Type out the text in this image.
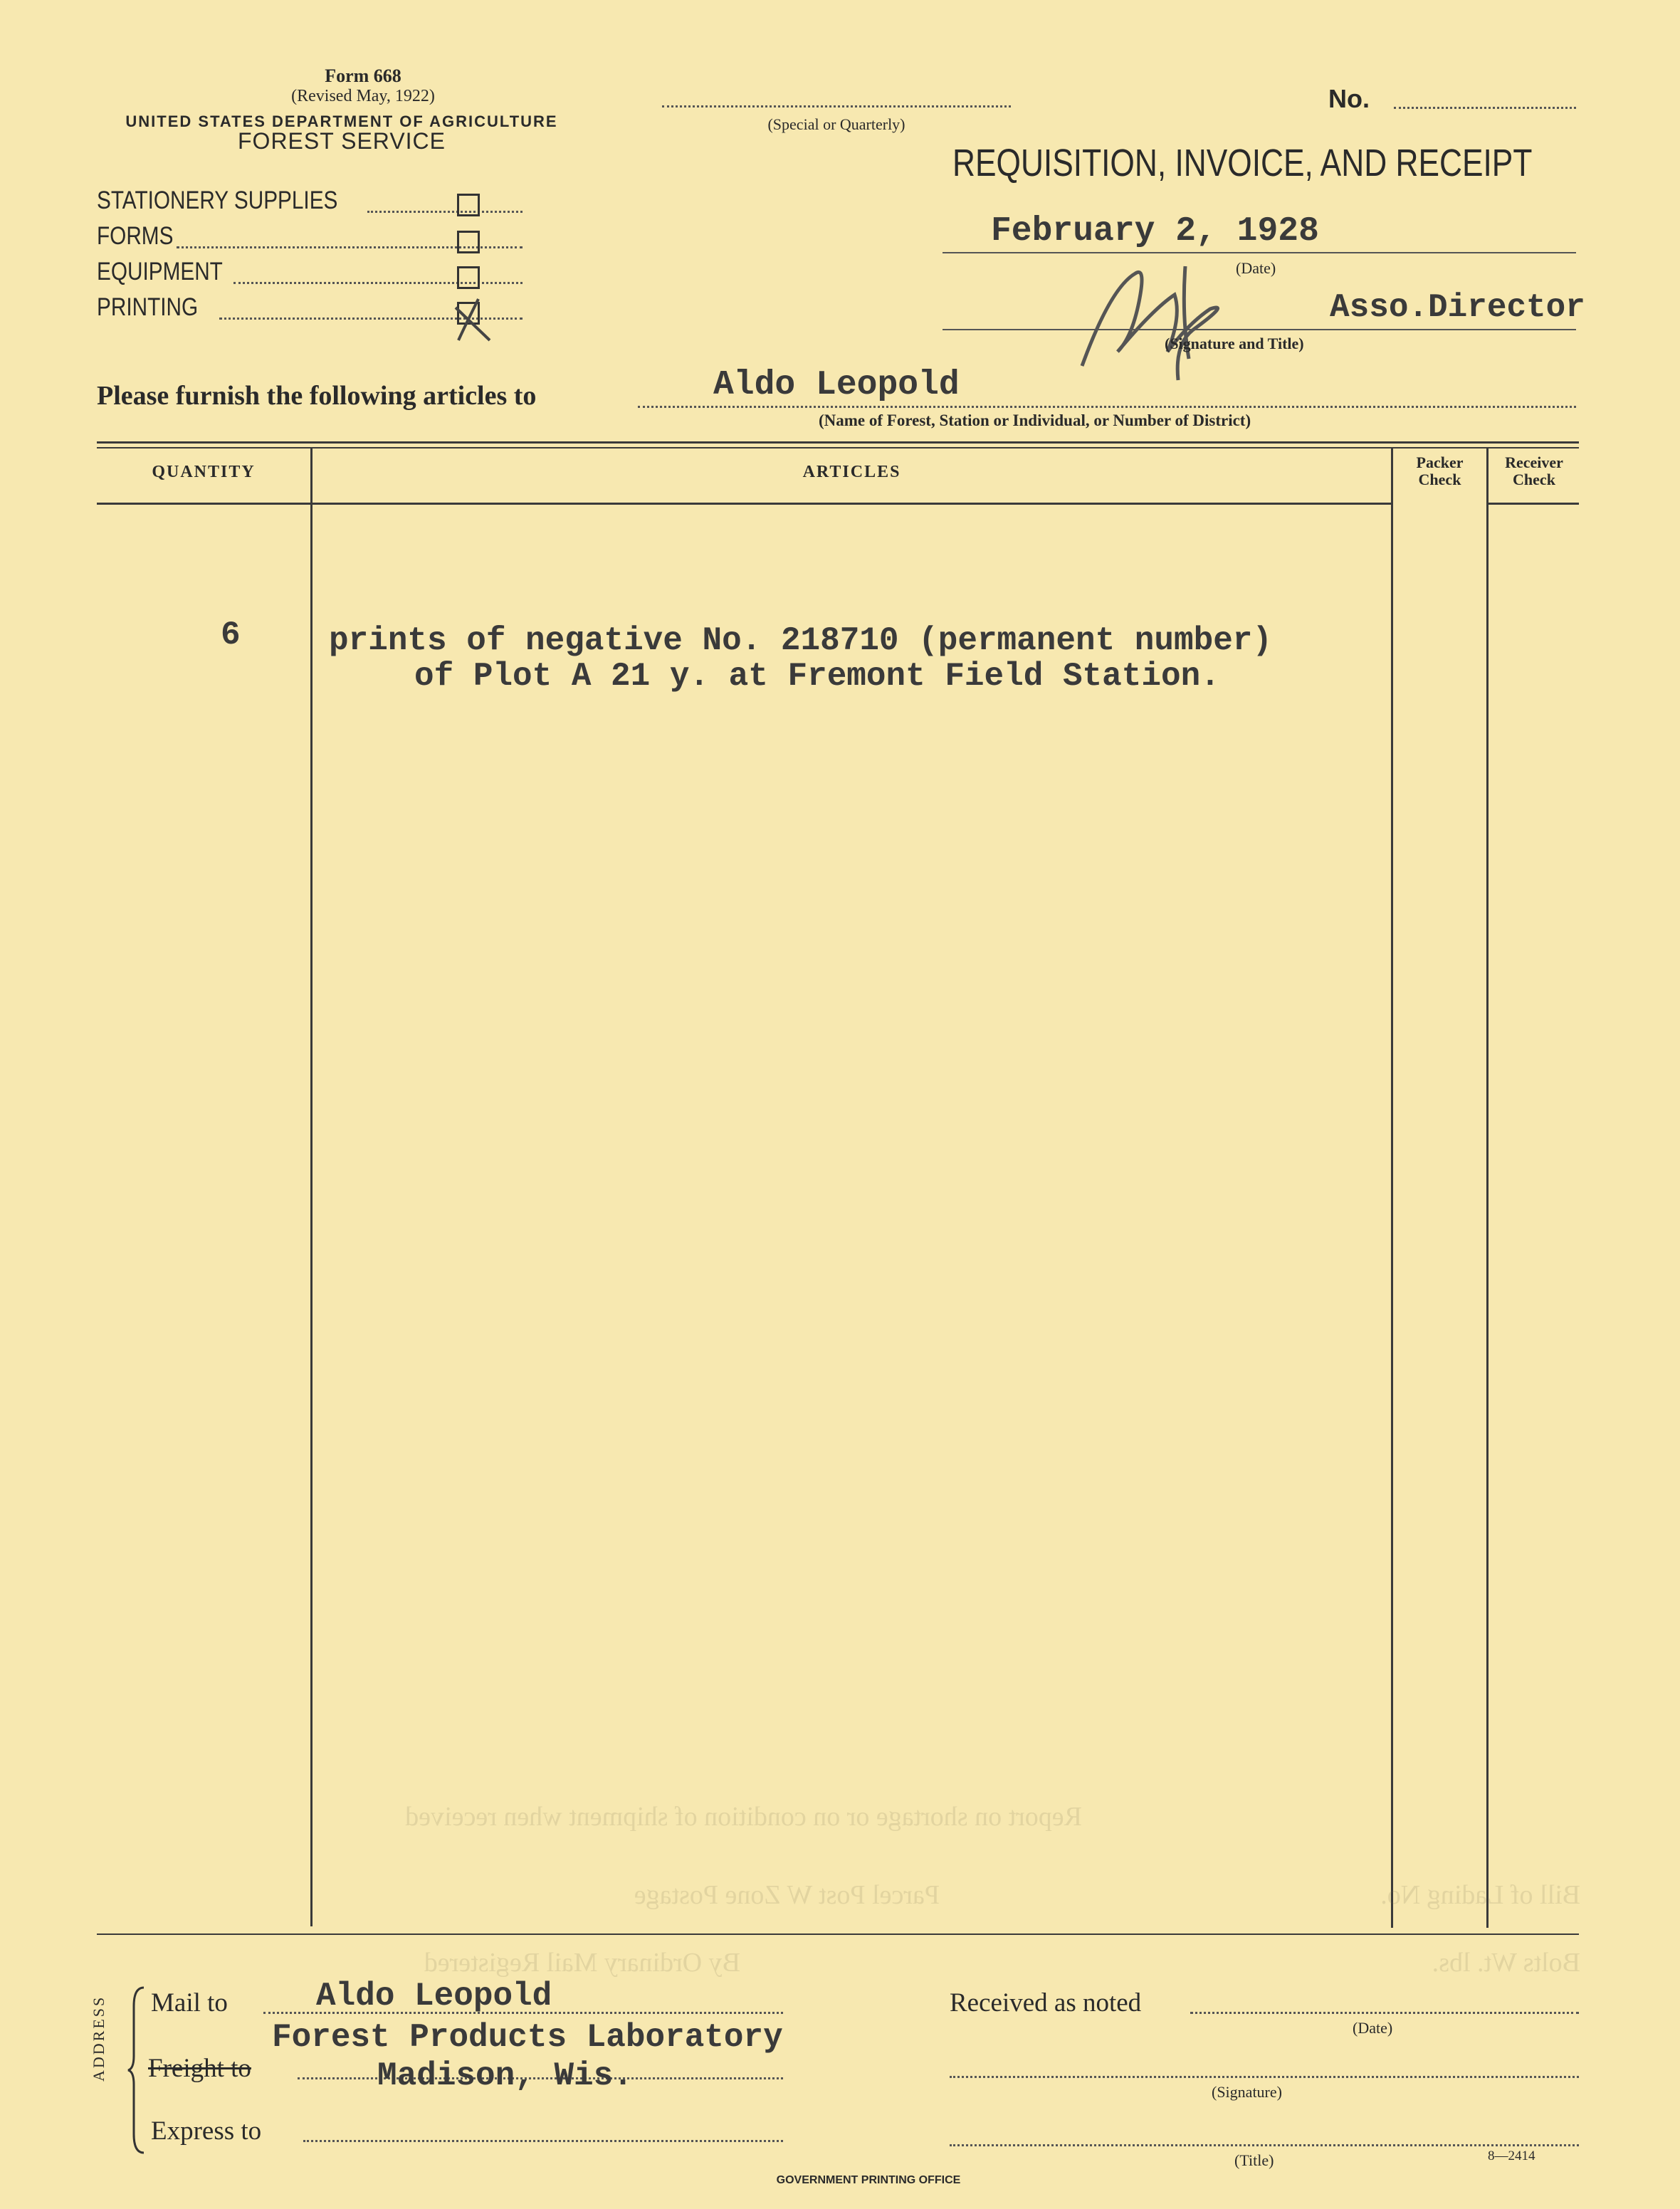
Form 668
(Revised May, 1922)
UNITED STATES DEPARTMENT OF AGRICULTURE
FOREST SERVICE
STATIONERY SUPPLIES
FORMS
EQUIPMENT
PRINTING
(Special or Quarterly)
No.
REQUISITION, INVOICE, AND RECEIPT
February 2, 1928
(Date)
Asso.Director
(Signature and Title)
Please furnish the following articles to	Aldo Leopold
(Name of Forest, Station or Individual, or Number of District)
QUANTITY	ARTICLES
Packer
Check
Receiver
Check
6	prints of negative No. 218710 (permanent number)
of Plot A 21 y. at Fremont Field Station.
Report on shortage or on condition of shipment when received
Parcel Post W Zone Postage	Bill of Lading No.
By Ordinary Mail Registered	Bolts Wt. lbs.
ADDRESS Mail to	Aldo Leopold
Forest Products Laboratory
Freight to	Madison, Wis.
Express to
Received as noted
(Date)
(Signature)
(Title)	8—2414
GOVERNMENT PRINTING OFFICE
